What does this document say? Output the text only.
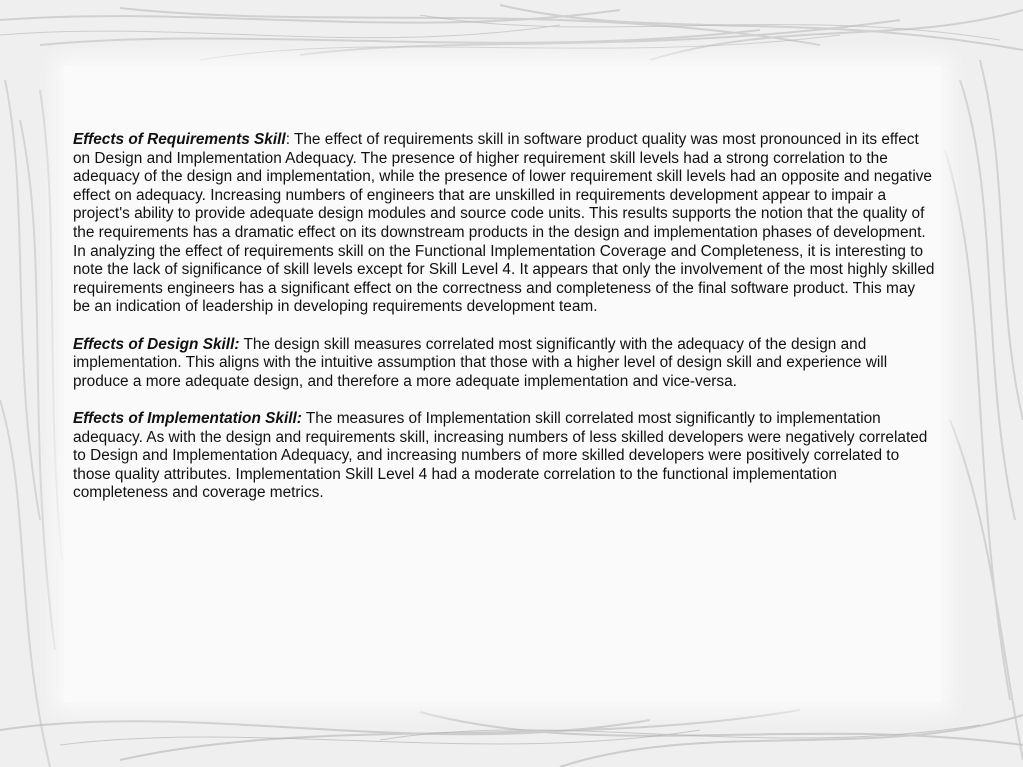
Effects of Requirements Skill: The effect of requirements skill in software product quality was most pronounced in its effect on Design and Implementation Adequacy. The presence of higher requirement skill levels had a strong correlation to the adequacy of the design and implementation, while the presence of lower requirement skill levels had an opposite and negative effect on adequacy. Increasing numbers of engineers that are unskilled in requirements development appear to impair a project's ability to provide adequate design modules and source code units. This results supports the notion that the quality of the requirements has a dramatic effect on its downstream products in the design and implementation phases of development. In analyzing the effect of requirements skill on the Functional Implementation Coverage and Completeness, it is interesting to note the lack of significance of skill levels except for Skill Level 4. It appears that only the involvement of the most highly skilled requirements engineers has a significant effect on the correctness and completeness of the final software product. This may be an indication of leadership in developing requirements development team.

Effects of Design Skill: The design skill measures correlated most significantly with the adequacy of the design and implementation. This aligns with the intuitive assumption that those with a higher level of design skill and experience will produce a more adequate design, and therefore a more adequate implementation and vice-versa.

Effects of Implementation Skill: The measures of Implementation skill correlated most significantly to implementation adequacy. As with the design and requirements skill, increasing numbers of less skilled developers were negatively correlated to Design and Implementation Adequacy, and increasing numbers of more skilled developers were positively correlated to those quality attributes. Implementation Skill Level 4 had a moderate correlation to the functional implementation completeness and coverage metrics.
